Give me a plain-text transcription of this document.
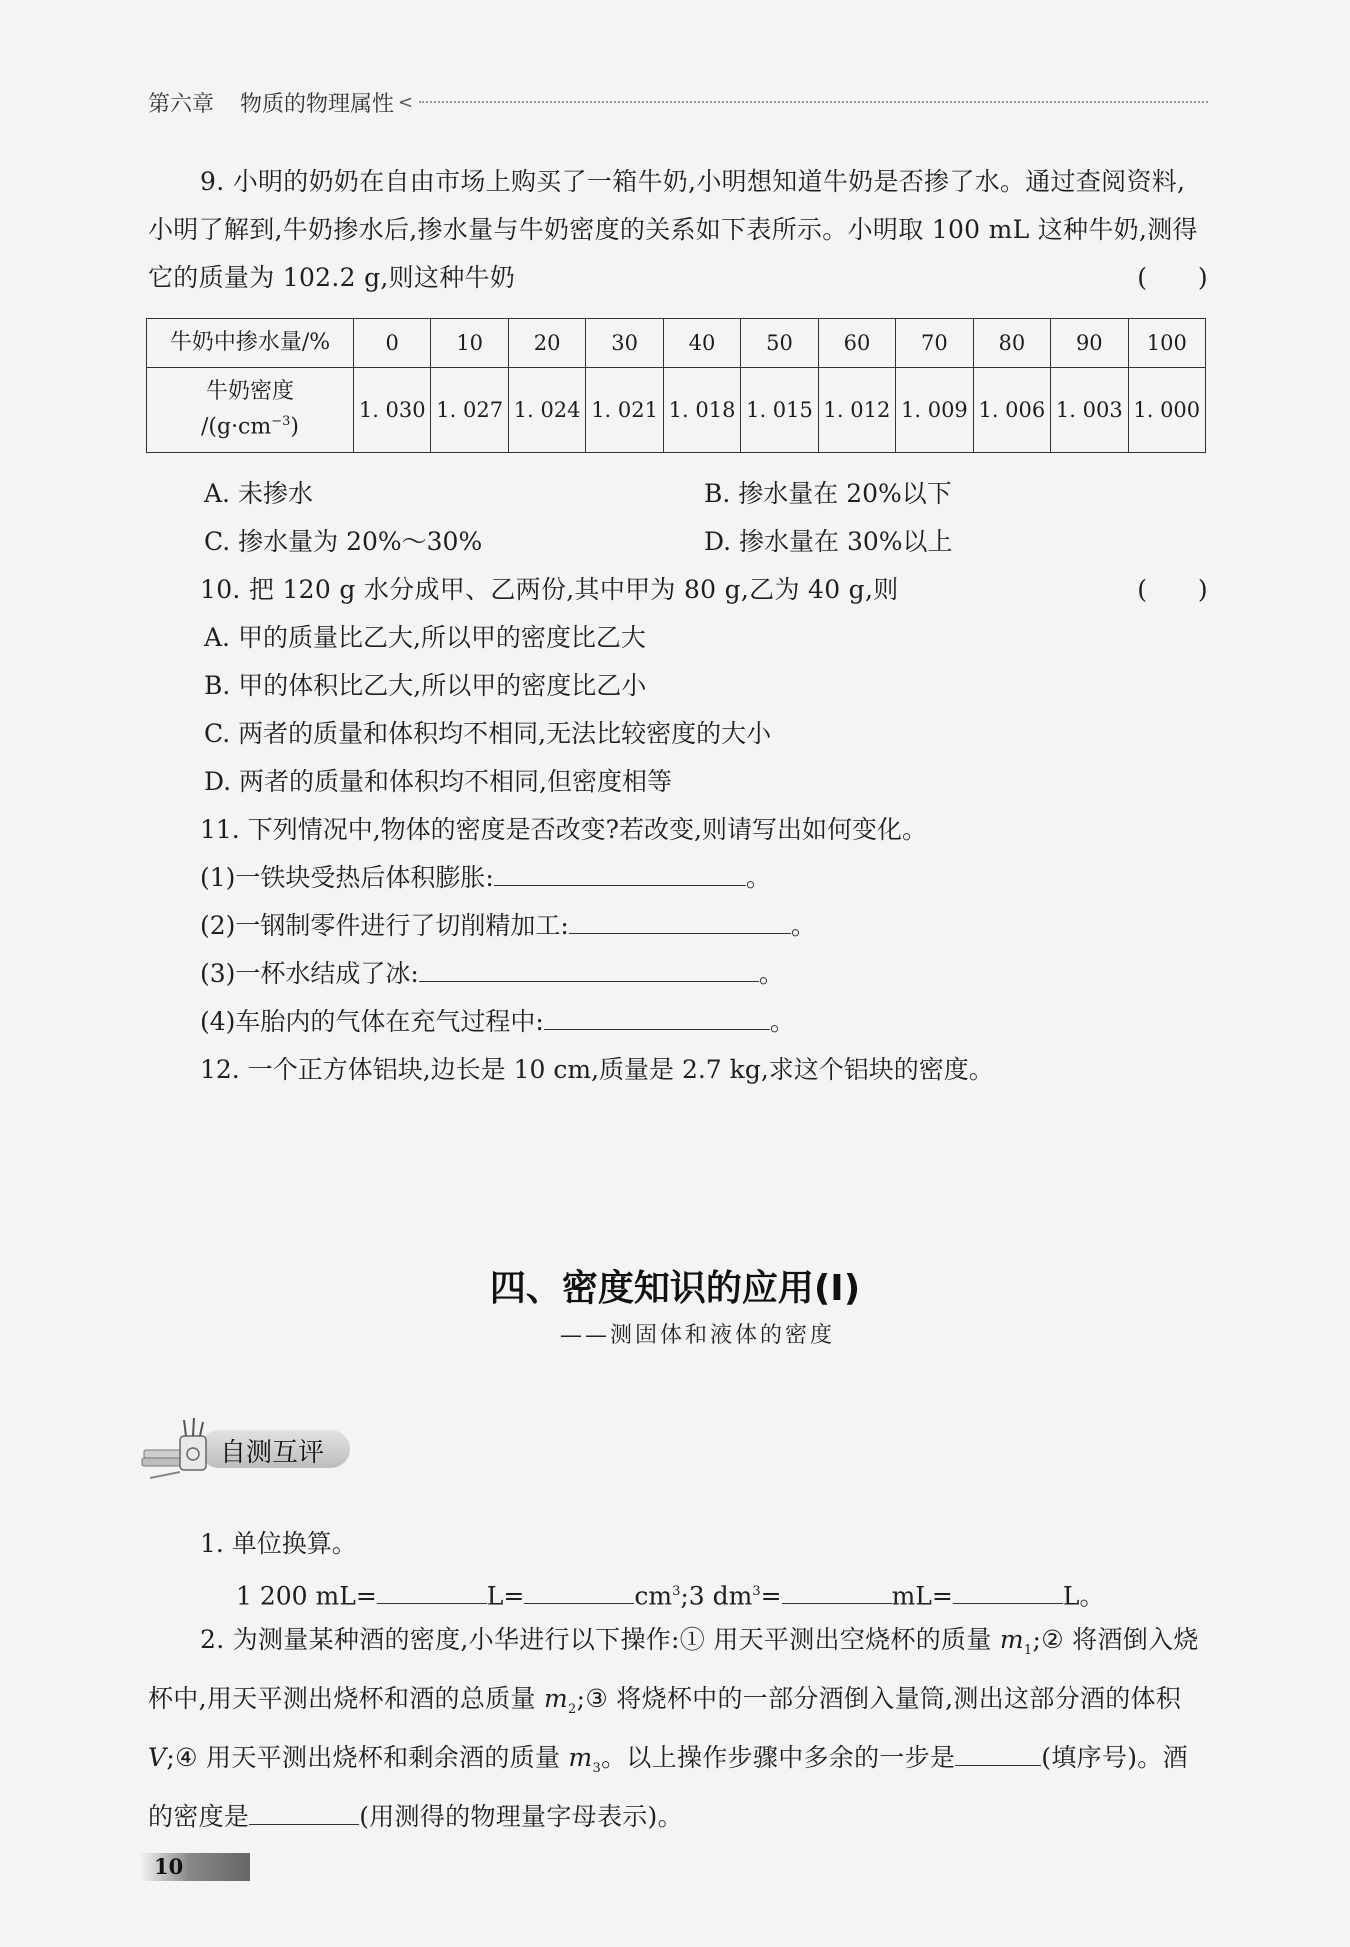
第六章 物质的物理属性 <
9. 小明的奶奶在自由市场上购买了一箱牛奶,小明想知道牛奶是否掺了水。通过查阅资料,小明了解到,牛奶掺水后,掺水量与牛奶密度的关系如下表所示。小明取 100 mL 这种牛奶,测得它的质量为 102.2 g,则这种牛奶	(　　)
牛奶中掺水量/%	0	10	20	30	40	50	60	70	80	90	100

牛奶密度
$/(g\cdot cm^{-3})$	1. 030	1. 027	1. 024	1. 021	1. 018	1. 015	1. 012	1. 009	1. 006	1. 003	1. 000
A. 未掺水	B. 掺水量在 20%以下
C. 掺水量为 20%～30%	D. 掺水量在 30%以上
10. 把 120 g 水分成甲、乙两份,其中甲为 80 g,乙为 40 g,则	(　　)
A. 甲的质量比乙大,所以甲的密度比乙大
B. 甲的体积比乙大,所以甲的密度比乙小
C. 两者的质量和体积均不相同,无法比较密度的大小
D. 两者的质量和体积均不相同,但密度相等
11. 下列情况中,物体的密度是否改变?若改变,则请写出如何变化。
(1)一铁块受热后体积膨胀:	。
(2)一钢制零件进行了切削精加工:	。
(3)一杯水结成了冰:	。
(4)车胎内的气体在充气过程中:	。
12. 一个正方体铝块,边长是 10 cm,质量是 2.7 kg,求这个铝块的密度。
四、密度知识的应用(Ⅰ)
——测固体和液体的密度
自测互评
1. 单位换算。
1 200 mL=	L=	$cm^3;3$ $dm^3=$	mL=	L。
2. 为测量某种酒的密度,小华进行以下操作:① 用天平测出空烧杯的质量 $m_1;②$ 将酒倒入烧杯中,用天平测出烧杯和酒的总质量 $m_2;③$ 将烧杯中的一部分酒倒入量筒,测出这部分酒的体积 V;④ 用天平测出烧杯和剩余酒的质量 $m_3$。以上操作步骤中多余的一步是	(填序号)。酒的密度是	(用测得的物理量字母表示)。
10
